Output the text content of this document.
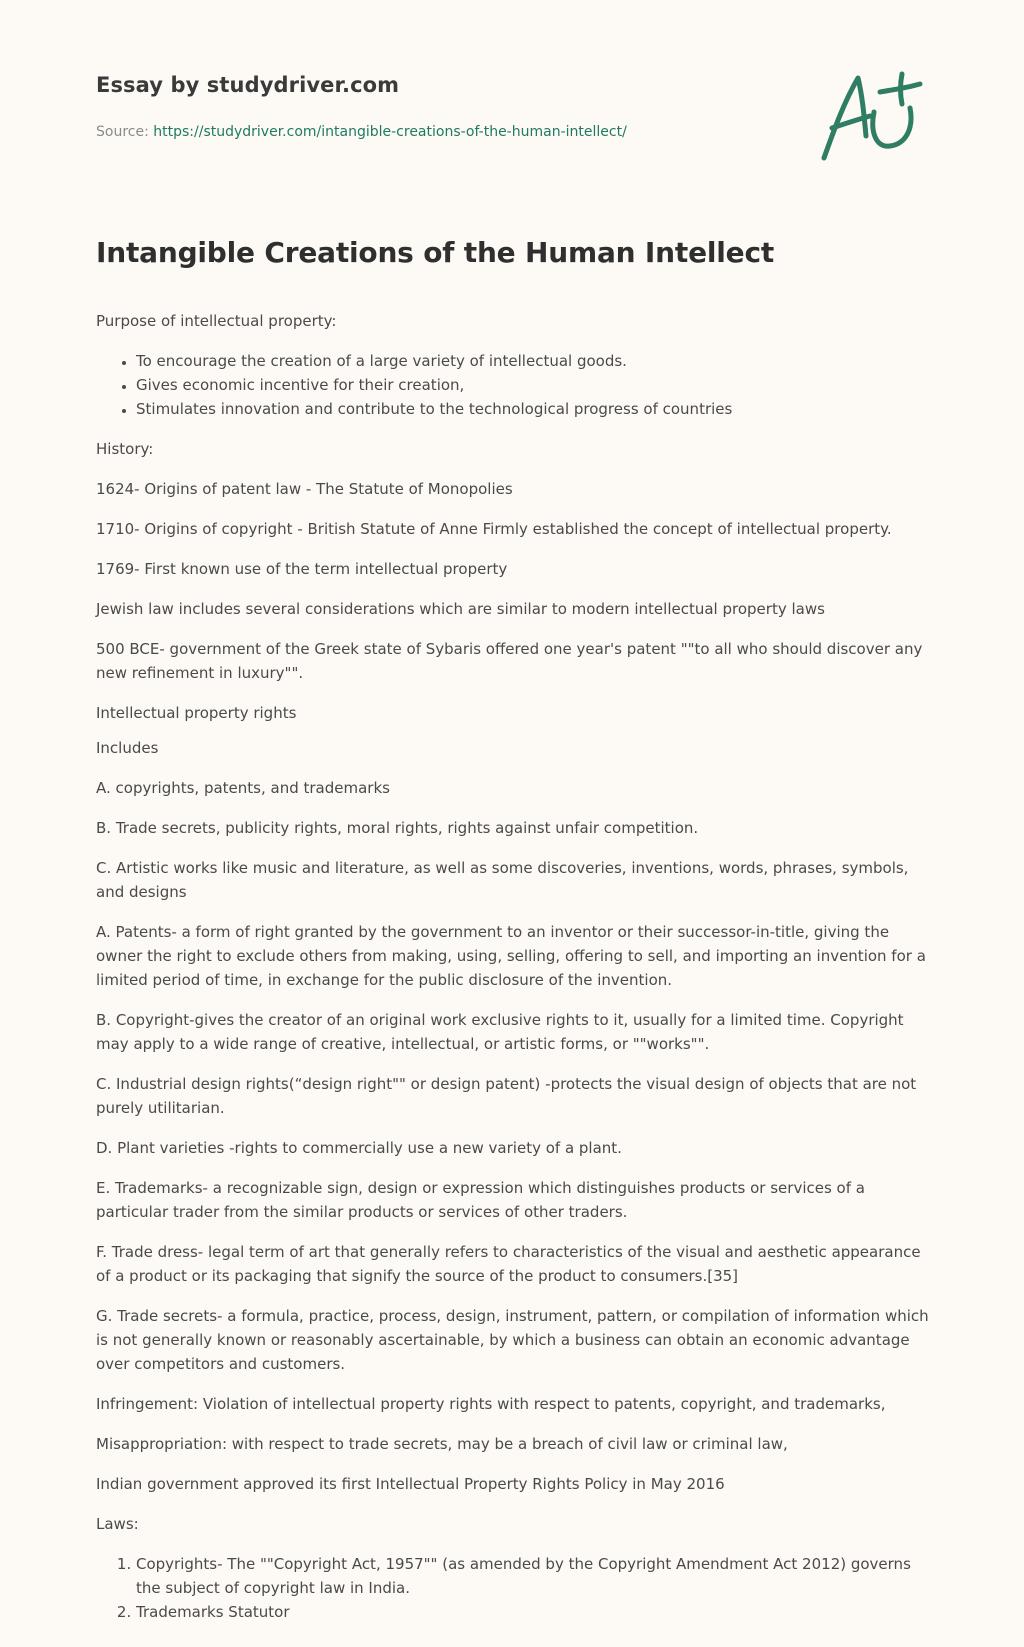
Essay by studydriver.com
Source: https://studydriver.com/intangible-creations-of-the-human-intellect/
Intangible Creations of the Human Intellect

Purpose of intellectual property:

• To encourage the creation of a large variety of intellectual goods.
• Gives economic incentive for their creation,
• Stimulates innovation and contribute to the technological progress of countries

History:

1624- Origins of patent law - The Statute of Monopolies

1710- Origins of copyright - British Statute of Anne Firmly established the concept of intellectual property.

1769- First known use of the term intellectual property

Jewish law includes several considerations which are similar to modern intellectual property laws

500 BCE- government of the Greek state of Sybaris offered one year's patent ""to all who should discover any new refinement in luxury"".

Intellectual property rights

Includes

A. copyrights, patents, and trademarks

B. Trade secrets, publicity rights, moral rights, rights against unfair competition.

C. Artistic works like music and literature, as well as some discoveries, inventions, words, phrases, symbols, and designs

A. Patents- a form of right granted by the government to an inventor or their successor-in-title, giving the owner the right to exclude others from making, using, selling, offering to sell, and importing an invention for a limited period of time, in exchange for the public disclosure of the invention.

B. Copyright-gives the creator of an original work exclusive rights to it, usually for a limited time. Copyright may apply to a wide range of creative, intellectual, or artistic forms, or ""works"".

C. Industrial design rights(“design right"" or design patent) -protects the visual design of objects that are not purely utilitarian.

D. Plant varieties -rights to commercially use a new variety of a plant.

E. Trademarks- a recognizable sign, design or expression which distinguishes products or services of a particular trader from the similar products or services of other traders.

F. Trade dress- legal term of art that generally refers to characteristics of the visual and aesthetic appearance of a product or its packaging that signify the source of the product to consumers.[35]

G. Trade secrets- a formula, practice, process, design, instrument, pattern, or compilation of information which is not generally known or reasonably ascertainable, by which a business can obtain an economic advantage over competitors and customers.

Infringement: Violation of intellectual property rights with respect to patents, copyright, and trademarks,

Misappropriation: with respect to trade secrets, may be a breach of civil law or criminal law,

Indian government approved its first Intellectual Property Rights Policy in May 2016

Laws:

1. Copyrights- The ""Copyright Act, 1957"" (as amended by the Copyright Amendment Act 2012) governs the subject of copyright law in India.
2. Trademarks Statutor
